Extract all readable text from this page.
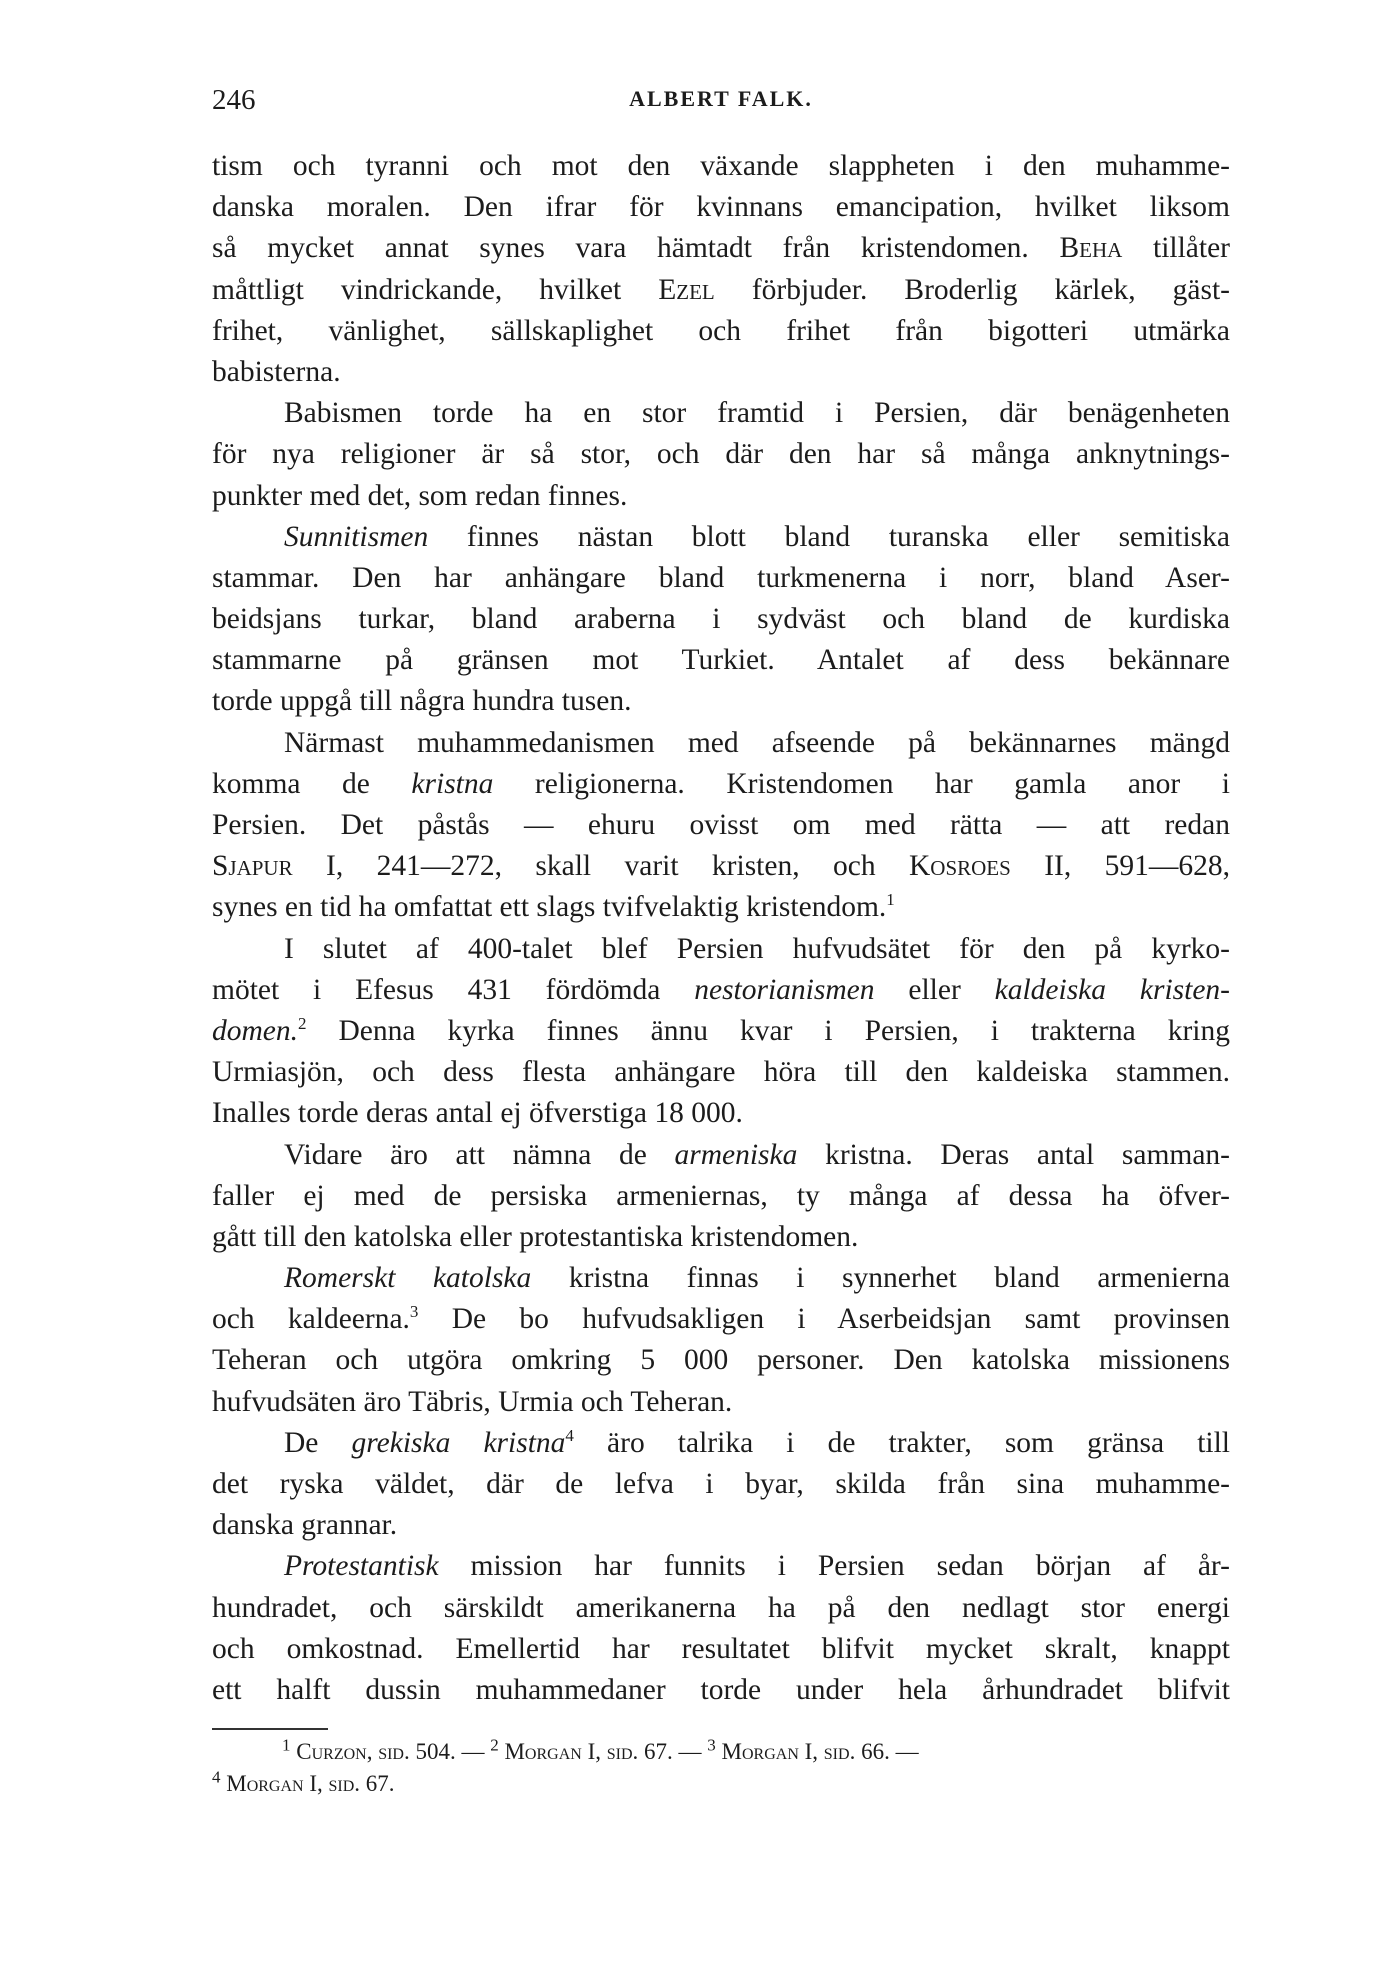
246	ALBERT FALK.
tism och tyranni och mot den växande slappheten i den muhamme-
danska moralen. Den ifrar för kvinnans emancipation, hvilket liksom
så mycket annat synes vara hämtadt från kristendomen. Beha tillåter
måttligt vindrickande, hvilket Ezel förbjuder. Broderlig kärlek, gäst-
frihet, vänlighet, sällskaplighet och frihet från bigotteri utmärka
babisterna.
Babismen torde ha en stor framtid i Persien, där benägenheten
för nya religioner är så stor, och där den har så många anknytnings-
punkter med det, som redan finnes.
Sunnitismen finnes nästan blott bland turanska eller semitiska
stammar. Den har anhängare bland turkmenerna i norr, bland Aser-
beidsjans turkar, bland araberna i sydväst och bland de kurdiska
stammarne på gränsen mot Turkiet. Antalet af dess bekännare
torde uppgå till några hundra tusen.
Närmast muhammedanismen med afseende på bekännarnes mängd
komma de kristna religionerna. Kristendomen har gamla anor i
Persien. Det påstås — ehuru ovisst om med rätta — att redan
Sjapur I, 241—272, skall varit kristen, och Kosroes II, 591—628,
synes en tid ha omfattat ett slags tvifvelaktig kristendom.$^1$
I slutet af 400-talet blef Persien hufvudsätet för den på kyrko-
mötet i Efesus 431 fördömda nestorianismen eller kaldeiska kristen-
domen.$^2$ Denna kyrka finnes ännu kvar i Persien, i trakterna kring
Urmiasjön, och dess flesta anhängare höra till den kaldeiska stammen.
Inalles torde deras antal ej öfverstiga 18 000.
Vidare äro att nämna de armeniska kristna. Deras antal samman-
faller ej med de persiska armeniernas, ty många af dessa ha öfver-
gått till den katolska eller protestantiska kristendomen.
Romerskt katolska kristna finnas i synnerhet bland armenierna
och kaldeerna.$^3$ De bo hufvudsakligen i Aserbeidsjan samt provinsen
Teheran och utgöra omkring 5 000 personer. Den katolska missionens
hufvudsäten äro Täbris, Urmia och Teheran.
De grekiska kristna$^4$ äro talrika i de trakter, som gränsa till
det ryska väldet, där de lefva i byar, skilda från sina muhamme-
danska grannar.
Protestantisk mission har funnits i Persien sedan början af år-
hundradet, och särskildt amerikanerna ha på den nedlagt stor energi
och omkostnad. Emellertid har resultatet blifvit mycket skralt, knappt
ett halft dussin muhammedaner torde under hela århundradet blifvit
$^1$ Curzon, sid. 504. — $^2$ Morgan I, sid. 67. — $^3$ Morgan I, sid. 66. —
$^4$ Morgan I, sid. 67.
